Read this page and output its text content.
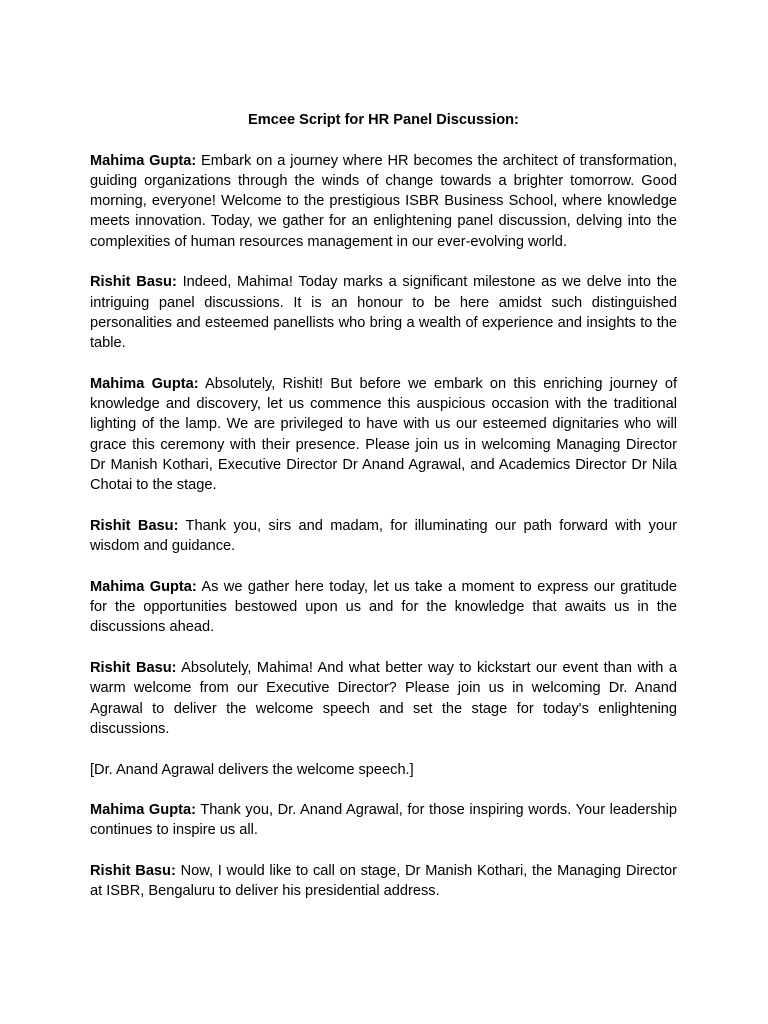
Emcee Script for HR Panel Discussion:

Mahima Gupta: Embark on a journey where HR becomes the architect of transformation, guiding organizations through the winds of change towards a brighter tomorrow. Good morning, everyone! Welcome to the prestigious ISBR Business School, where knowledge meets innovation. Today, we gather for an enlightening panel discussion, delving into the complexities of human resources management in our ever-evolving world.

Rishit Basu: Indeed, Mahima! Today marks a significant milestone as we delve into the intriguing panel discussions. It is an honour to be here amidst such distinguished personalities and esteemed panellists who bring a wealth of experience and insights to the table.

Mahima Gupta: Absolutely, Rishit! But before we embark on this enriching journey of knowledge and discovery, let us commence this auspicious occasion with the traditional lighting of the lamp. We are privileged to have with us our esteemed dignitaries who will grace this ceremony with their presence. Please join us in welcoming Managing Director Dr Manish Kothari, Executive Director Dr Anand Agrawal, and Academics Director Dr Nila Chotai to the stage.

Rishit Basu: Thank you, sirs and madam, for illuminating our path forward with your wisdom and guidance.

Mahima Gupta: As we gather here today, let us take a moment to express our gratitude for the opportunities bestowed upon us and for the knowledge that awaits us in the discussions ahead.

Rishit Basu: Absolutely, Mahima! And what better way to kickstart our event than with a warm welcome from our Executive Director? Please join us in welcoming Dr. Anand Agrawal to deliver the welcome speech and set the stage for today's enlightening discussions.

[Dr. Anand Agrawal delivers the welcome speech.]

Mahima Gupta: Thank you, Dr. Anand Agrawal, for those inspiring words. Your leadership continues to inspire us all.

Rishit Basu: Now, I would like to call on stage, Dr Manish Kothari, the Managing Director at ISBR, Bengaluru to deliver his presidential address.
